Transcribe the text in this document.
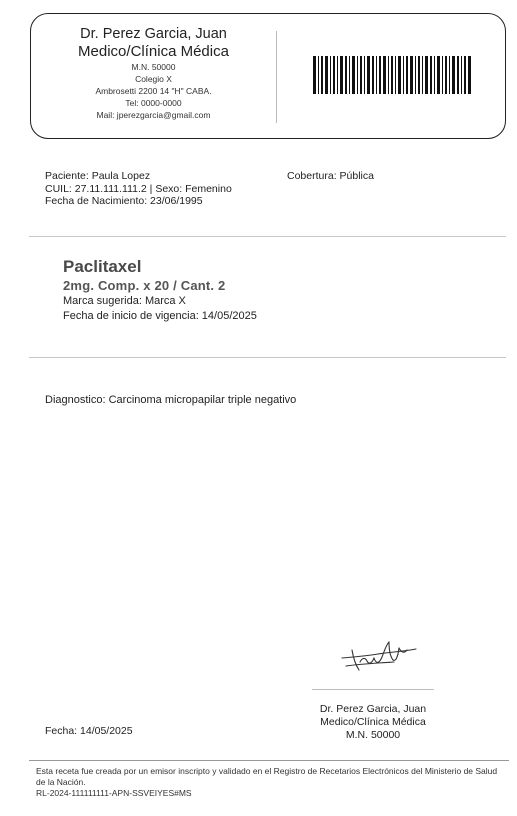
Dr. Perez Garcia, Juan
Medico/Clínica Médica
M.N. 50000
Colegio X
Ambrosetti 2200 14 "H" CABA.
Tel: 0000-0000
Mail: jperezgarcia@gmail.com
Paciente: Paula Lopez
CUIL: 27.11.111.111.2 | Sexo: Femenino
Fecha de Nacimiento: 23/06/1995
Cobertura: Pública
Paclitaxel
2mg. Comp. x 20 / Cant. 2
Marca sugerida: Marca X
Fecha de inicio de vigencia: 14/05/2025
Diagnostico: Carcinoma micropapilar triple negativo
Dr. Perez Garcia, Juan
Medico/Clínica Médica
M.N. 50000
Fecha: 14/05/2025
Esta receta fue creada por un emisor inscripto y validado en el Registro de Recetarios Electrónicos del Ministerio de Salud de la Nación.
RL-2024-111111111-APN-SSVEIYES#MS
